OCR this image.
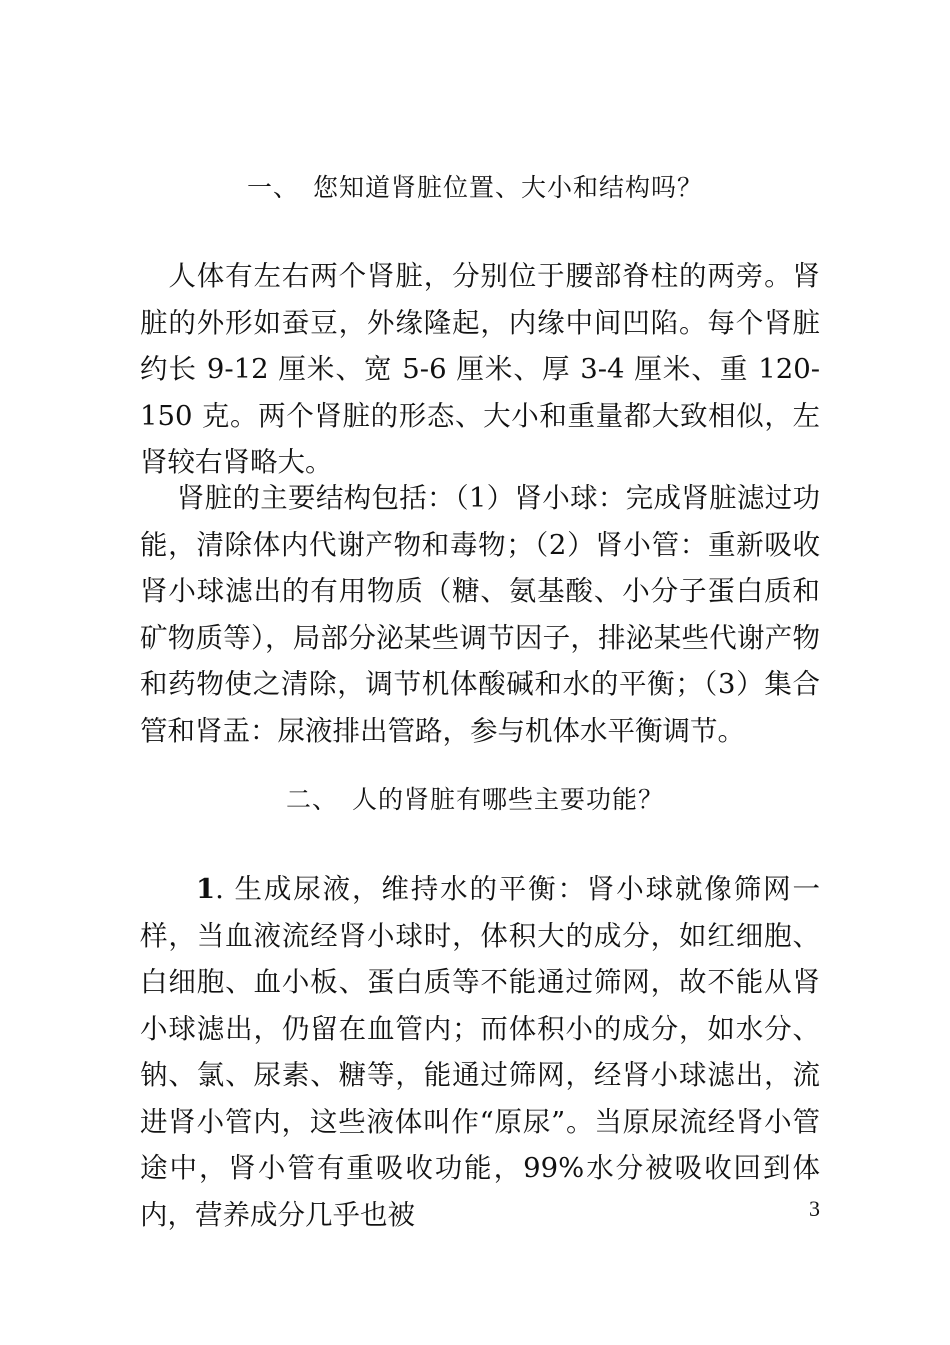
一、 您知道肾脏位置、大小和结构吗？

　人体有左右两个肾脏，分别位于腰部脊柱的两旁。肾脏的外形如蚕豆，外缘隆起，内缘中间凹陷。每个肾脏约长 9-12 厘米、宽 5-6 厘米、厚 3-4 厘米、重 120-150 克。两个肾脏的形态、大小和重量都大致相似，左肾较右肾略大。

　 肾脏的主要结构包括：（1）肾小球：完成肾脏滤过功能，清除体内代谢产物和毒物；（2）肾小管：重新吸收肾小球滤出的有用物质（糖、氨基酸、小分子蛋白质和矿物质等），局部分泌某些调节因子，排泌某些代谢产物和药物使之清除，调节机体酸碱和水的平衡；（3）集合管和肾盂：尿液排出管路，参与机体水平衡调节。

二、 人的肾脏有哪些主要功能？

1. 生成尿液，维持水的平衡：肾小球就像筛网一样，当血液流经肾小球时，体积大的成分，如红细胞、白细胞、血小板、蛋白质等不能通过筛网，故不能从肾小球滤出，仍留在血管内；而体积小的成分，如水分、钠、氯、尿素、糖等，能通过筛网，经肾小球滤出，流进肾小管内，这些液体叫作“原尿”。当原尿流经肾小管途中，肾小管有重吸收功能，99%水分被吸收回到体内，营养成分几乎也被	3
